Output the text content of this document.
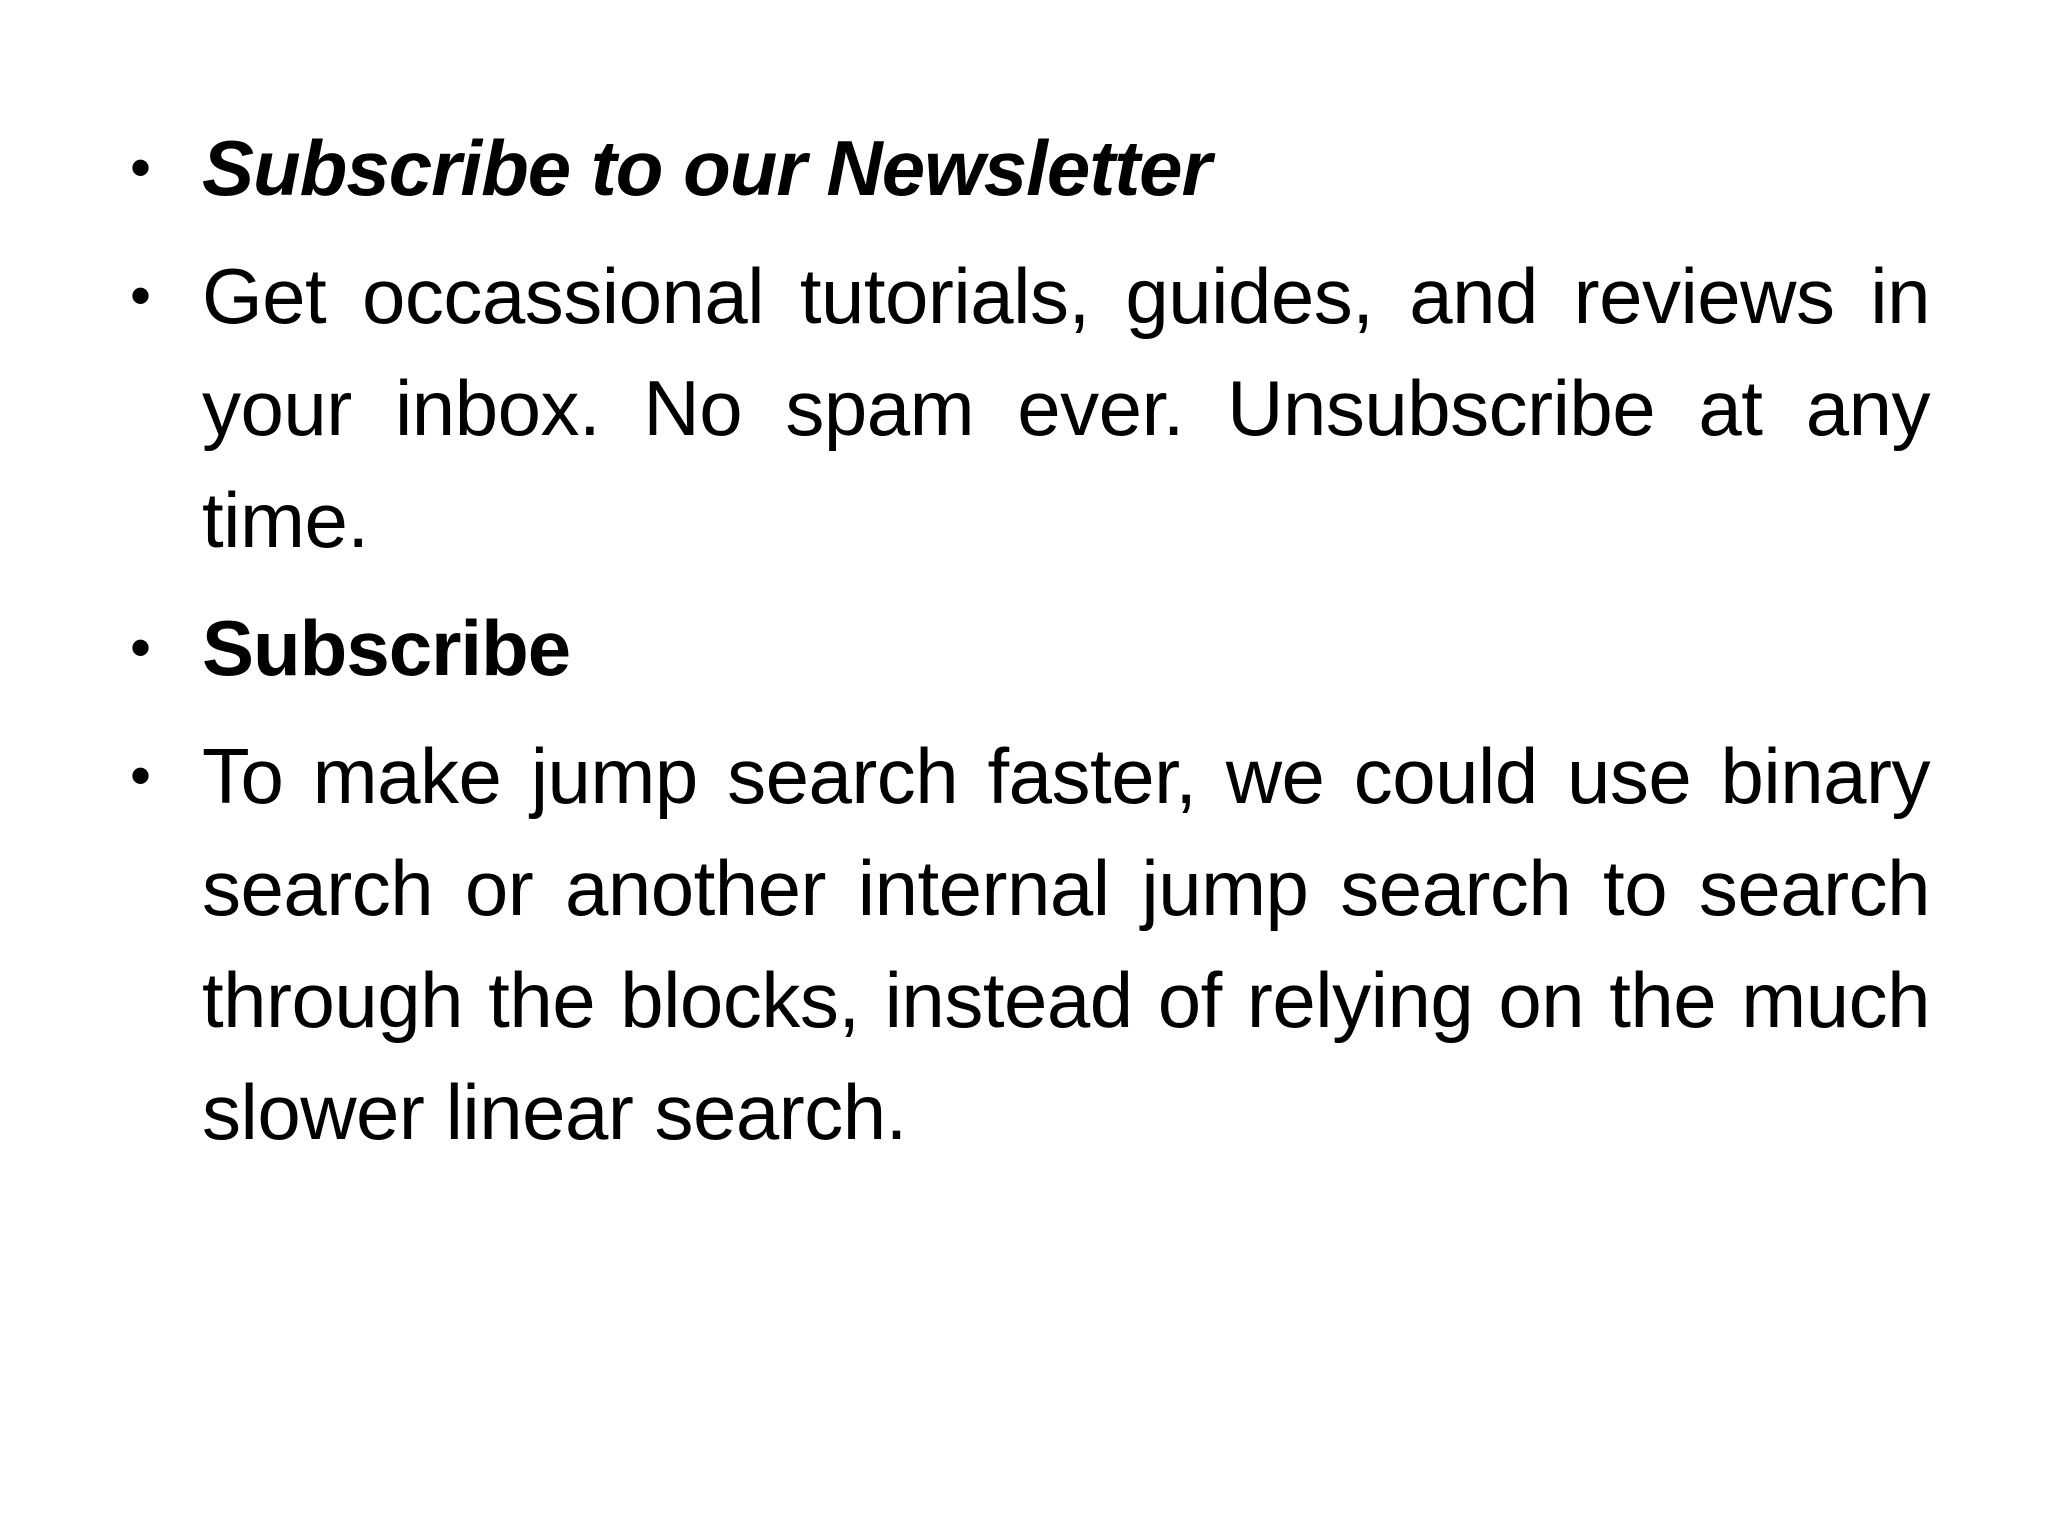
• Subscribe to our Newsletter
• Get occassional tutorials, guides, and reviews in your inbox. No spam ever. Unsubscribe at any time.
• Subscribe
• To make jump search faster, we could use binary search or another internal jump search to search through the blocks, instead of relying on the much slower linear search.
